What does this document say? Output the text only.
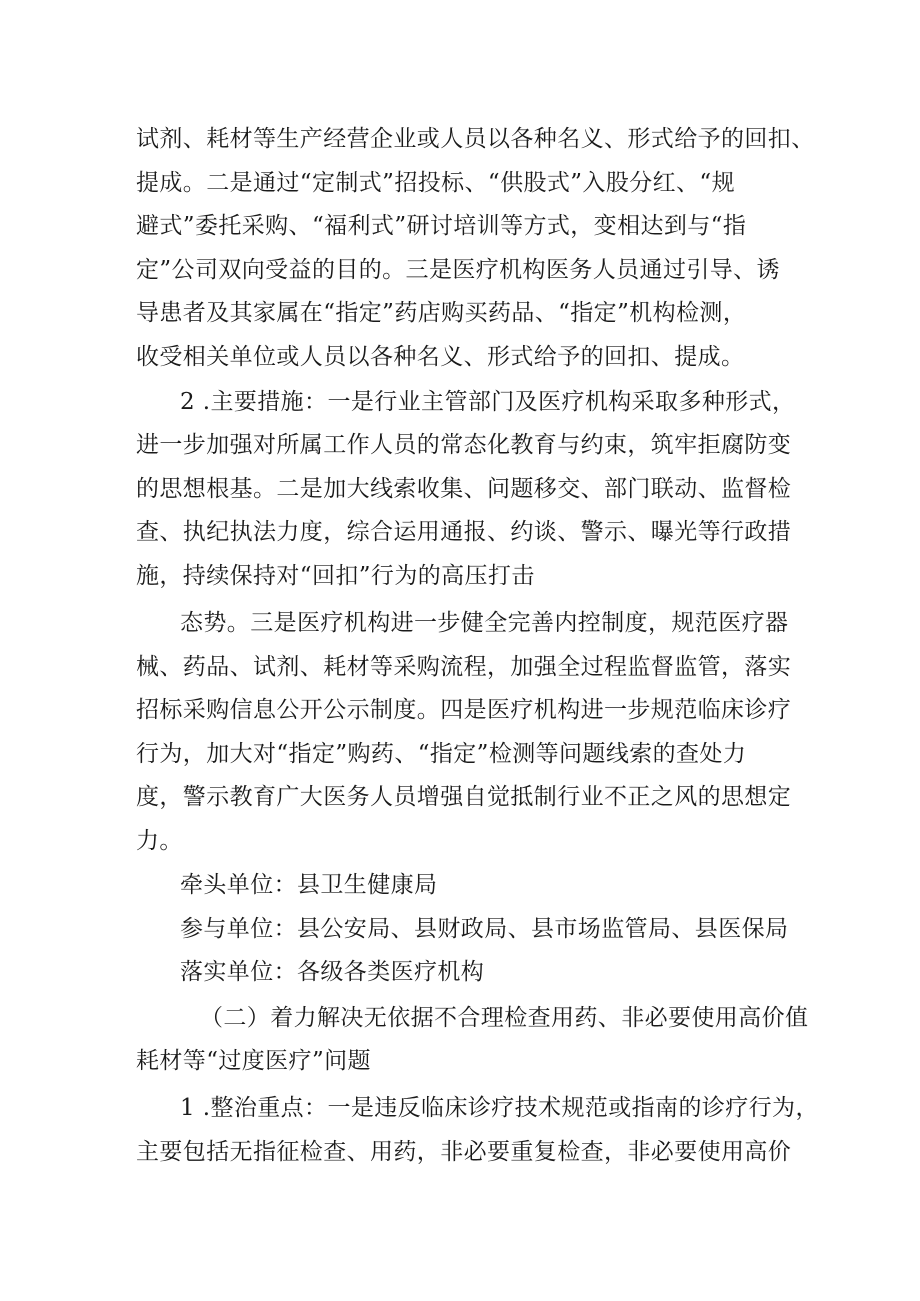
试剂、耗材等生产经营企业或人员以各种名义、形式给予的回扣、
提成。二是通过“定制式”招投标、“供股式”入股分红、“规
避式”委托采购、“福利式”研讨培训等方式，变相达到与“指
定”公司双向受益的目的。三是医疗机构医务人员通过引导、诱
导患者及其家属在“指定”药店购买药品、“指定”机构检测，
收受相关单位或人员以各种名义、形式给予的回扣、提成。
2 .主要措施：一是行业主管部门及医疗机构采取多种形式，
进一步加强对所属工作人员的常态化教育与约束，筑牢拒腐防变
的思想根基。二是加大线索收集、问题移交、部门联动、监督检
查、执纪执法力度，综合运用通报、约谈、警示、曝光等行政措
施，持续保持对“回扣”行为的高压打击
态势。三是医疗机构进一步健全完善内控制度，规范医疗器
械、药品、试剂、耗材等采购流程，加强全过程监督监管，落实
招标采购信息公开公示制度。四是医疗机构进一步规范临床诊疗
行为，加大对“指定”购药、“指定”检测等问题线索的查处力
度，警示教育广大医务人员增强自觉抵制行业不正之风的思想定
力。
牵头单位：县卫生健康局
参与单位：县公安局、县财政局、县市场监管局、县医保局
落实单位：各级各类医疗机构
（二）着力解决无依据不合理检查用药、非必要使用高价值
耗材等“过度医疗”问题
1 .整治重点：一是违反临床诊疗技术规范或指南的诊疗行为，
主要包括无指征检查、用药，非必要重复检查，非必要使用高价
